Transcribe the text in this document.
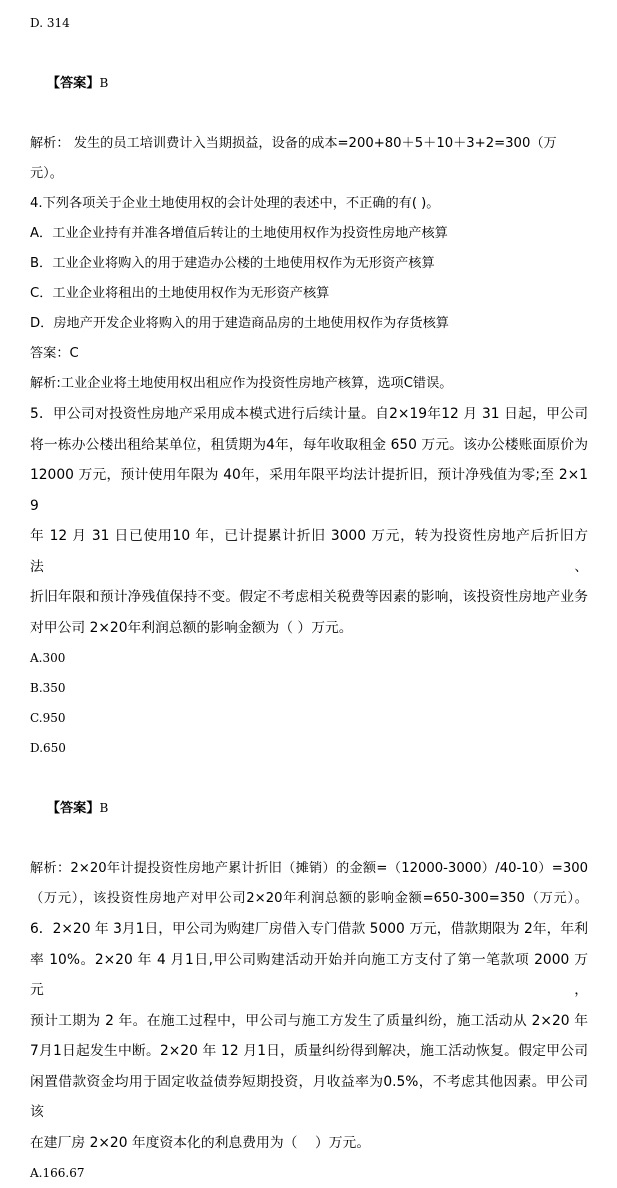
D. 314

【答案】B

解析： 发生的员工培训费计入当期损益，设备的成本=200+80＋5＋10＋3+2=300（万元）。
4.下列各项关于企业土地使用权的会计处理的表述中，不正确的有( )。
A．工业企业持有并准各增值后转让的土地使用权作为投资性房地产核算
B．工业企业将购入的用于建造办公楼的土地使用权作为无形资产核算
C．工业企业将租出的土地使用权作为无形资产核算
D．房地产开发企业将购入的用于建造商品房的土地使用权作为存货核算
答案：C
解析:工业企业将土地使用权出租应作为投资性房地产核算，选项C错误。
5．甲公司对投资性房地产采用成本模式进行后续计量。自2×19年12 月 31 日起，甲公司
将一栋办公楼出租给某单位，租赁期为4年，每年收取租金 650 万元。该办公楼账面原价为
12000 万元，预计使用年限为 40年，采用年限平均法计提折旧，预计净残值为零;至 2×19
年 12 月 31 日已使用10 年，已计提累计折旧 3000 万元，转为投资性房地产后折旧方法、
折旧年限和预计净残值保持不变。假定不考虑相关税费等因素的影响，该投资性房地产业务
对甲公司 2×20年利润总额的影响金额为（ ）万元。
A.300
B.350
C.950
D.650

【答案】B

解析：2×20年计提投资性房地产累计折旧（摊销）的金额=（12000-3000）/40-10）=300
（万元），该投资性房地产对甲公司2×20年利润总额的影响金额=650-300=350（万元）。
6．2×20 年 3月1日，甲公司为购建厂房借入专门借款 5000 万元，借款期限为 2年，年利
率 10%。2×20 年 4 月1日,甲公司购建活动开始并向施工方支付了第一笔款项 2000 万元，
预计工期为 2 年。在施工过程中，甲公司与施工方发生了质量纠纷，施工活动从 2×20 年
7月1日起发生中断。2×20 年 12 月1日，质量纠纷得到解决，施工活动恢复。假定甲公司
闲置借款资金均用于固定收益债券短期投资，月收益率为0.5%，不考虑其他因素。甲公司该
在建厂房 2×20 年度资本化的利息费用为（    ）万元。
A.166.67
